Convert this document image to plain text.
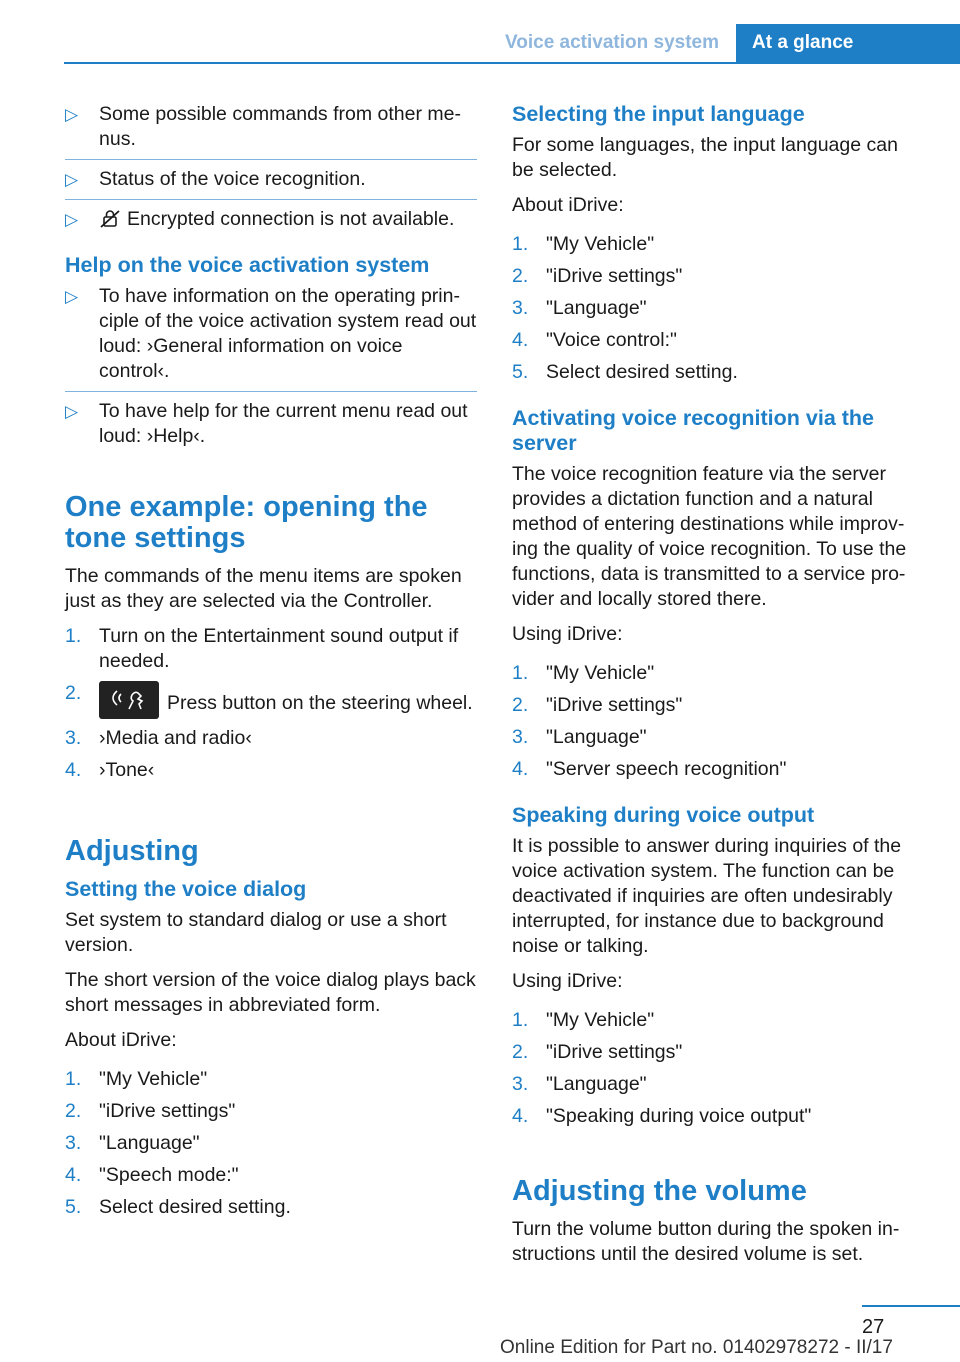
Voice activation system	At a glance
▷ Some possible commands from other me‐nus.
▷ Status of the voice recognition.
▷	Encrypted connection is not available.
Help on the voice activation system
▷ To have information on the operating prin‐ciple of the voice activation system read out loud: ›General information on voice control‹.
▷ To have help for the current menu read out loud: ›Help‹.
One example: opening the tone settings

The commands of the menu items are spoken just as they are selected via the Controller.

1. Turn on the Entertainment sound output if needed.
2.	Press button on the steering wheel.
3. ›Media and radio‹
4. ›Tone‹
Adjusting
Setting the voice dialog

Set system to standard dialog or use a short version.

The short version of the voice dialog plays back short messages in abbreviated form.

About iDrive:

1. "My Vehicle"
2. "iDrive settings"
3. "Language"
4. "Speech mode:"
5. Select desired setting.
Selecting the input language

For some languages, the input language can be selected.

About iDrive:

1. "My Vehicle"
2. "iDrive settings"
3. "Language"
4. "Voice control:"
5. Select desired setting.
Activating voice recognition via the server

The voice recognition feature via the server provides a dictation function and a natural method of entering destinations while improv‐ing the quality of voice recognition. To use the functions, data is transmitted to a service pro‐vider and locally stored there.

Using iDrive:

1. "My Vehicle"
2. "iDrive settings"
3. "Language"
4. "Server speech recognition"
Speaking during voice output

It is possible to answer during inquiries of the voice activation system. The function can be deactivated if inquiries are often undesirably interrupted, for instance due to background noise or talking.

Using iDrive:

1. "My Vehicle"
2. "iDrive settings"
3. "Language"
4. "Speaking during voice output"
Adjusting the volume

Turn the volume button during the spoken in‐structions until the desired volume is set.

27
Online Edition for Part no. 01402978272 - II/17
